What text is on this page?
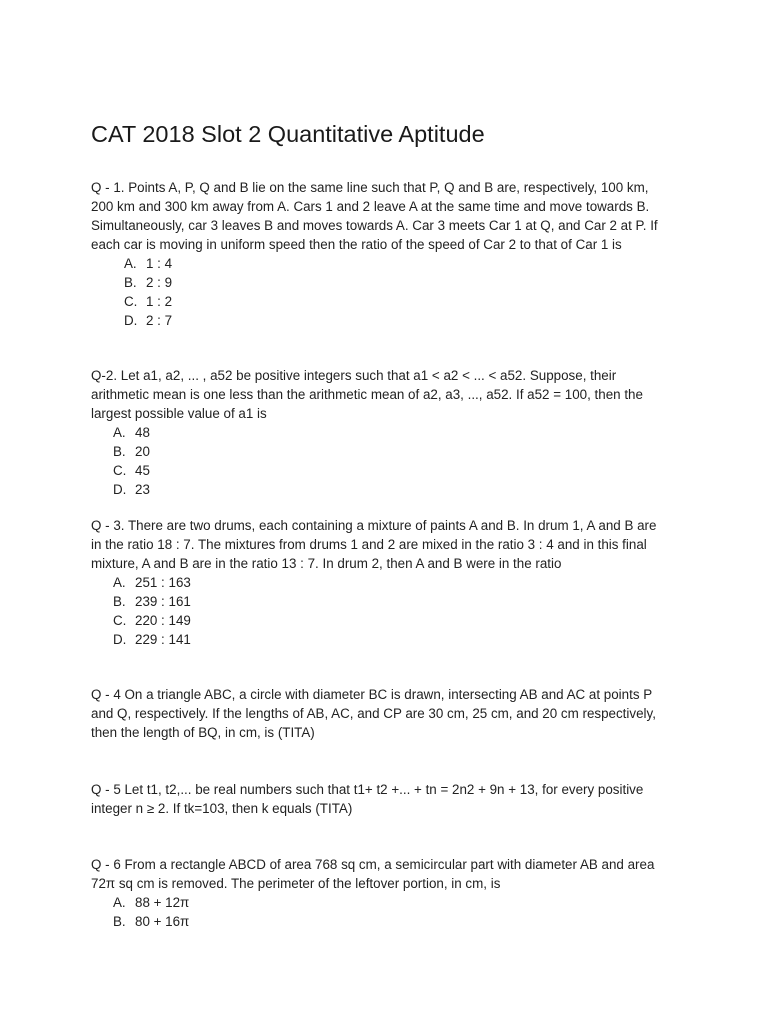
CAT 2018 Slot 2 Quantitative Aptitude

Q - 1. Points A, P, Q and B lie on the same line such that P, Q and B are, respectively, 100 km,
200 km and 300 km away from A. Cars 1 and 2 leave A at the same time and move towards B.
Simultaneously, car 3 leaves B and moves towards A. Car 3 meets Car 1 at Q, and Car 2 at P. If
each car is moving in uniform speed then the ratio of the speed of Car 2 to that of Car 1 is

A. 1 : 4
B. 2 : 9
C. 1 : 2
D. 2 : 7

Q-2. Let a1, a2, ... , a52 be positive integers such that a1 < a2 < ... < a52. Suppose, their
arithmetic mean is one less than the arithmetic mean of a2, a3, ..., a52. If a52 = 100, then the
largest possible value of a1 is

A. 48
B. 20
C. 45
D. 23

Q - 3. There are two drums, each containing a mixture of paints A and B. In drum 1, A and B are
in the ratio 18 : 7. The mixtures from drums 1 and 2 are mixed in the ratio 3 : 4 and in this final
mixture, A and B are in the ratio 13 : 7. In drum 2, then A and B were in the ratio

A. 251 : 163
B. 239 : 161
C. 220 : 149
D. 229 : 141

Q - 4 On a triangle ABC, a circle with diameter BC is drawn, intersecting AB and AC at points P
and Q, respectively. If the lengths of AB, AC, and CP are 30 cm, 25 cm, and 20 cm respectively,
then the length of BQ, in cm, is (TITA)

Q - 5 Let t1, t2,... be real numbers such that t1+ t2 +... + tn = 2n2 + 9n + 13, for every positive
integer n ≥ 2. If tk=103, then k equals (TITA)

Q - 6 From a rectangle ABCD of area 768 sq cm, a semicircular part with diameter AB and area
72π sq cm is removed. The perimeter of the leftover portion, in cm, is

A. 88 + 12π
B. 80 + 16π
